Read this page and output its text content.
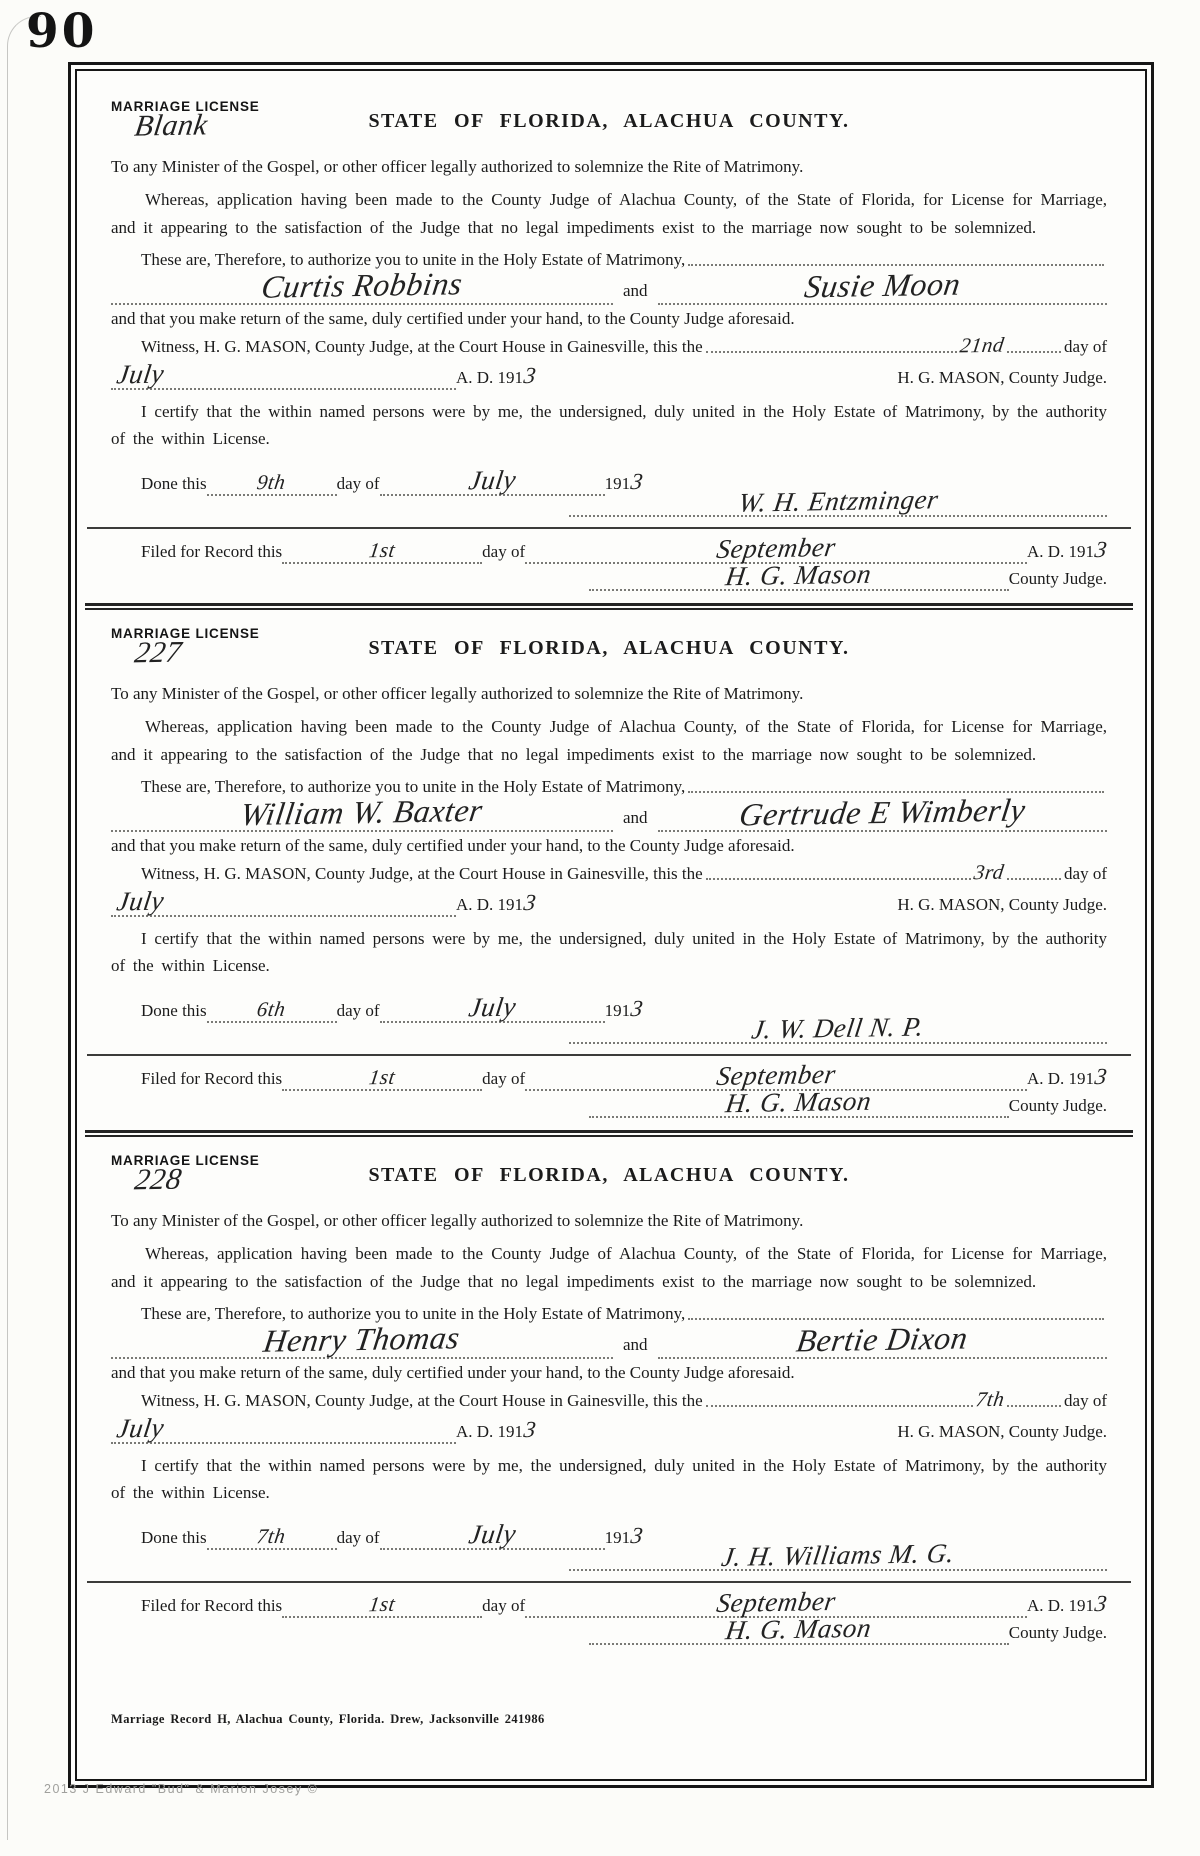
90
MARRIAGE LICENSE
Blank	STATE OF FLORIDA, ALACHUA COUNTY.
To any Minister of the Gospel, or other officer legally authorized to solemnize the Rite of Matrimony.

Whereas, application having been made to the County Judge of Alachua County, of the State of Florida, for License for Marriage, and it appearing to the satisfaction of the Judge that no legal impediments exist to the marriage now sought to be solemnized.

These are, Therefore, to authorize you to unite in the Holy Estate of Matrimony,
Curtis Robbins	and	Susie Moon
and that you make return of the same, duly certified under your hand, to the County Judge aforesaid.
Witness, H. G. MASON, County Judge, at the Court House in Gainesville, this the	21nd	day of
July	A. D. 191 3	H. G. MASON, County Judge.

I certify that the within named persons were by me, the undersigned, duly united in the Holy Estate of Matrimony, by the authority of the within License.

Done this	9th	day of	July	191 3
W. H. Entzminger
Filed for Record this	1st	day of	September	A. D. 191 3
H. G. Mason	County Judge.
MARRIAGE LICENSE
227	STATE OF FLORIDA, ALACHUA COUNTY.
To any Minister of the Gospel, or other officer legally authorized to solemnize the Rite of Matrimony.

Whereas, application having been made to the County Judge of Alachua County, of the State of Florida, for License for Marriage, and it appearing to the satisfaction of the Judge that no legal impediments exist to the marriage now sought to be solemnized.

These are, Therefore, to authorize you to unite in the Holy Estate of Matrimony,
William W. Baxter	and	Gertrude E Wimberly
and that you make return of the same, duly certified under your hand, to the County Judge aforesaid.
Witness, H. G. MASON, County Judge, at the Court House in Gainesville, this the	3rd	day of
July	A. D. 191 3	H. G. MASON, County Judge.

I certify that the within named persons were by me, the undersigned, duly united in the Holy Estate of Matrimony, by the authority of the within License.

Done this	6th	day of	July	191 3
J. W. Dell N. P.
Filed for Record this	1st	day of	September	A. D. 191 3
H. G. Mason	County Judge.
MARRIAGE LICENSE
228	STATE OF FLORIDA, ALACHUA COUNTY.
To any Minister of the Gospel, or other officer legally authorized to solemnize the Rite of Matrimony.

Whereas, application having been made to the County Judge of Alachua County, of the State of Florida, for License for Marriage, and it appearing to the satisfaction of the Judge that no legal impediments exist to the marriage now sought to be solemnized.

These are, Therefore, to authorize you to unite in the Holy Estate of Matrimony,
Henry Thomas	and	Bertie Dixon
and that you make return of the same, duly certified under your hand, to the County Judge aforesaid.
Witness, H. G. MASON, County Judge, at the Court House in Gainesville, this the	7th	day of
July	A. D. 191 3	H. G. MASON, County Judge.

I certify that the within named persons were by me, the undersigned, duly united in the Holy Estate of Matrimony, by the authority of the within License.

Done this	7th	day of	July	191 3
J. H. Williams M. G.
Filed for Record this	1st	day of	September	A. D. 191 3
H. G. Mason	County Judge.
Marriage Record H, Alachua County, Florida. Drew, Jacksonville 241986
2013 J Edward "Bud" & Marion Josey ©
